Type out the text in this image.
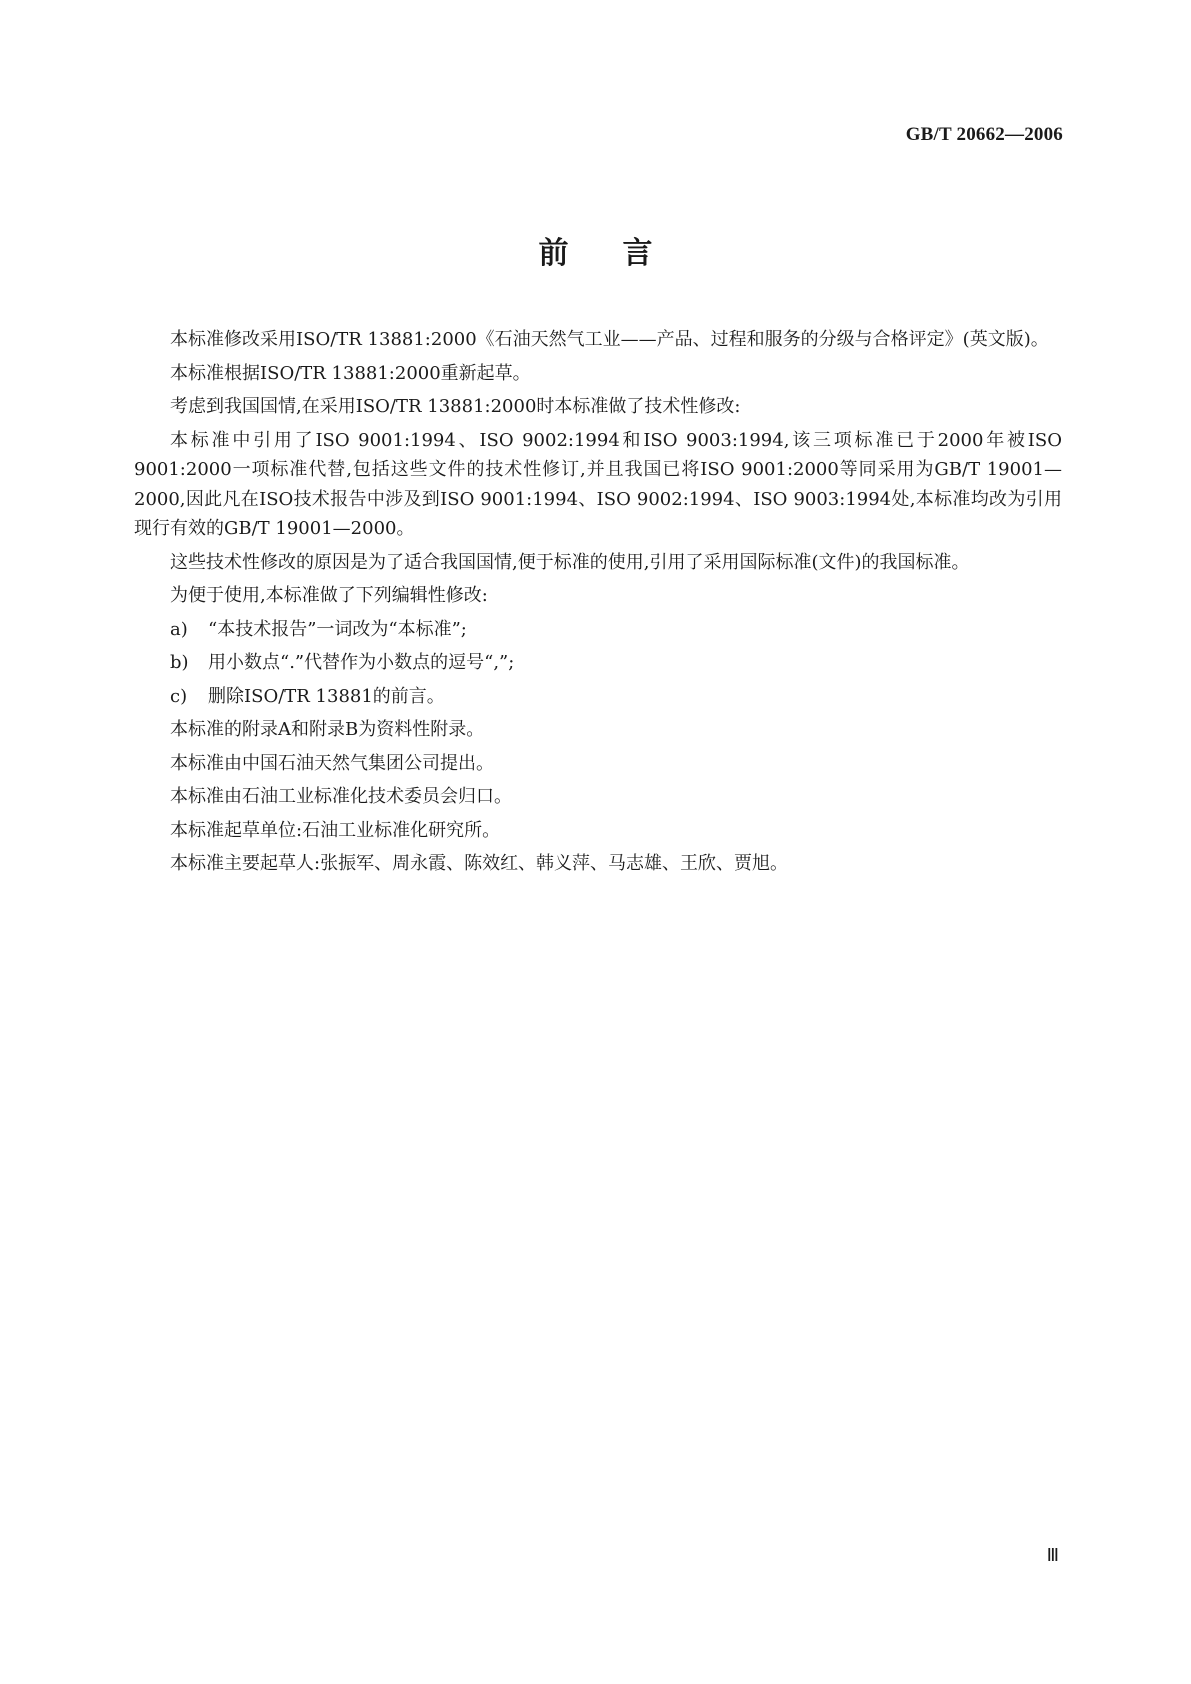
GB/T 20662—2006
前言

本标准修改采用ISO/TR 13881:2000《石油天然气工业——产品、过程和服务的分级与合格评定》(英文版)。

本标准根据ISO/TR 13881:2000重新起草。

考虑到我国国情,在采用ISO/TR 13881:2000时本标准做了技术性修改:

本标准中引用了ISO 9001:1994、ISO 9002:1994和ISO 9003:1994,该三项标准已于2000年被ISO 9001:2000一项标准代替,包括这些文件的技术性修订,并且我国已将ISO 9001:2000等同采用为GB/T 19001—2000,因此凡在ISO技术报告中涉及到ISO 9001:1994、ISO 9002:1994、ISO 9003:1994处,本标准均改为引用现行有效的GB/T 19001—2000。

这些技术性修改的原因是为了适合我国国情,便于标准的使用,引用了采用国际标准(文件)的我国标准。

为便于使用,本标准做了下列编辑性修改:

a) “本技术报告”一词改为“本标准”;

b) 用小数点“.”代替作为小数点的逗号“,”;

c) 删除ISO/TR 13881的前言。

本标准的附录A和附录B为资料性附录。

本标准由中国石油天然气集团公司提出。

本标准由石油工业标准化技术委员会归口。

本标准起草单位:石油工业标准化研究所。

本标准主要起草人:张振军、周永霞、陈效红、韩义萍、马志雄、王欣、贾旭。

Ⅲ
